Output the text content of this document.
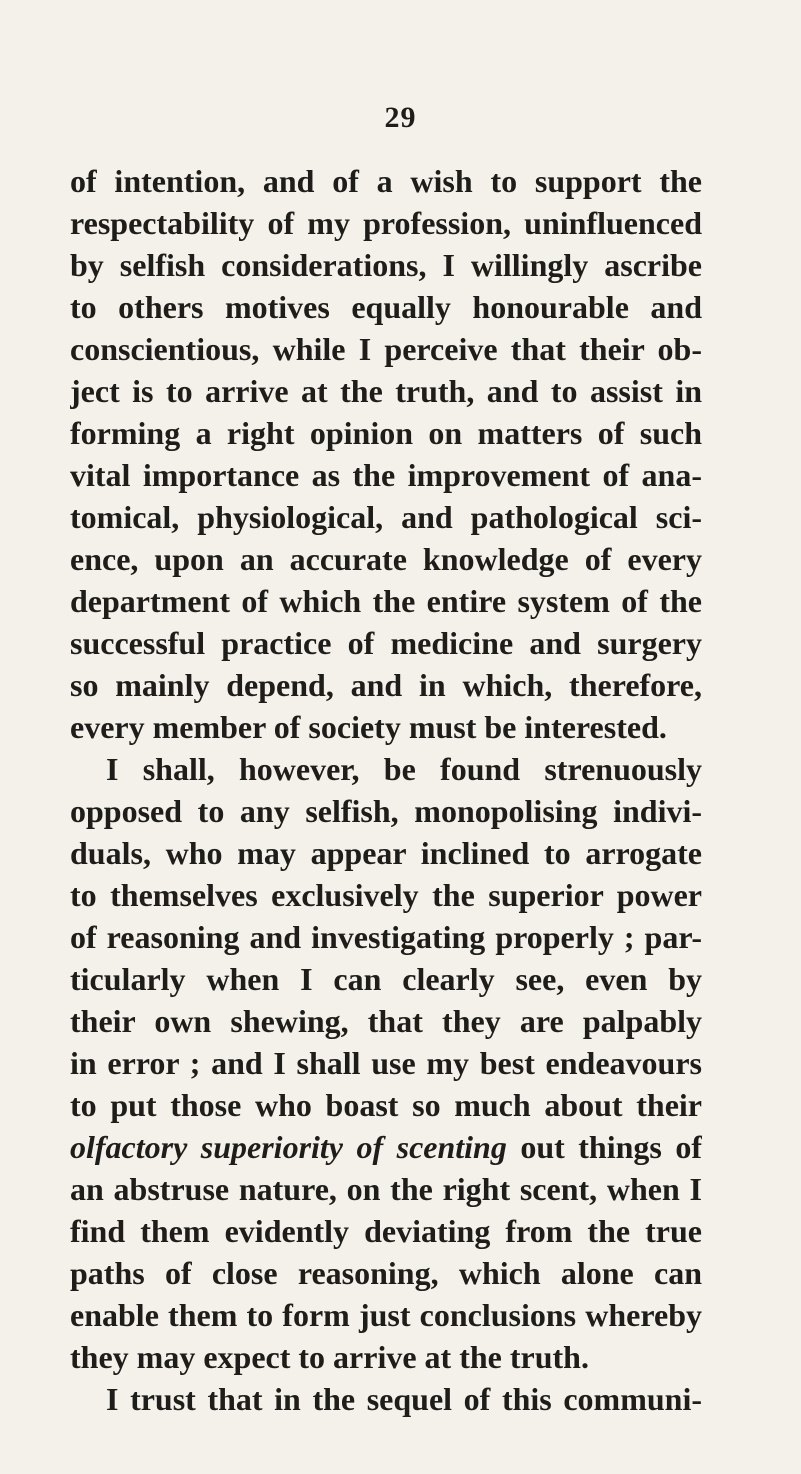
29
of intention, and of a wish to support the
respectability of my profession, uninfluenced
by selfish considerations, I willingly ascribe
to others motives equally honourable and
conscientious, while I perceive that their ob-
ject is to arrive at the truth, and to assist in
forming a right opinion on matters of such
vital importance as the improvement of ana-
tomical, physiological, and pathological sci-
ence, upon an accurate knowledge of every
department of which the entire system of the
successful practice of medicine and surgery
so mainly depend, and in which, therefore,
every member of society must be interested.
I shall, however, be found strenuously
opposed to any selfish, monopolising indivi-
duals, who may appear inclined to arrogate
to themselves exclusively the superior power
of reasoning and investigating properly ; par-
ticularly when I can clearly see, even by
their own shewing, that they are palpably
in error ; and I shall use my best endeavours
to put those who boast so much about their
olfactory superiority of scenting out things of
an abstruse nature, on the right scent, when I
find them evidently deviating from the true
paths of close reasoning, which alone can
enable them to form just conclusions whereby
they may expect to arrive at the truth.
I trust that in the sequel of this communi-
